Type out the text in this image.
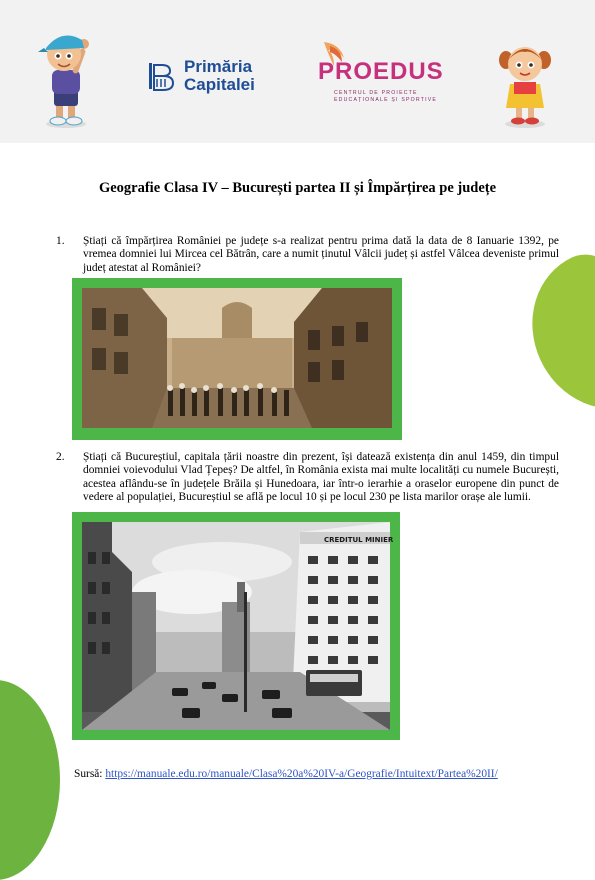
Primăria
Capitalei	PROEDUS
CENTRUL DE PROIECTE EDUCAȚIONALE ȘI SPORTIVE
Geografie Clasa IV – București partea II și Împărțirea pe județe
1. Știați că împărțirea României pe județe s-a realizat pentru prima dată la data de 8 Ianuarie 1392, pe vremea domniei lui Mircea cel Bătrân, care a numit ținutul Vâlcii județ și astfel Vâlcea deveniste primul județ atestat al României?
2. Știați că Bucureștiul, capitala țării noastre din prezent, își datează existența din anul 1459, din timpul domniei voievodului Vlad Țepeș? De altfel, în România exista mai multe localități cu numele București, acestea aflându-se în județele Brăila și Hunedoara, iar într-o ierarhie a oraselor europene din punct de vedere al populației, Bucureștiul se află pe locul 10 și pe locul 230 pe lista marilor orașe ale lumii.
CREDITUL MINIER
Sursă: https://manuale.edu.ro/manuale/Clasa%20a%20IV-a/Geografie/Intuitext/Partea%20II/
